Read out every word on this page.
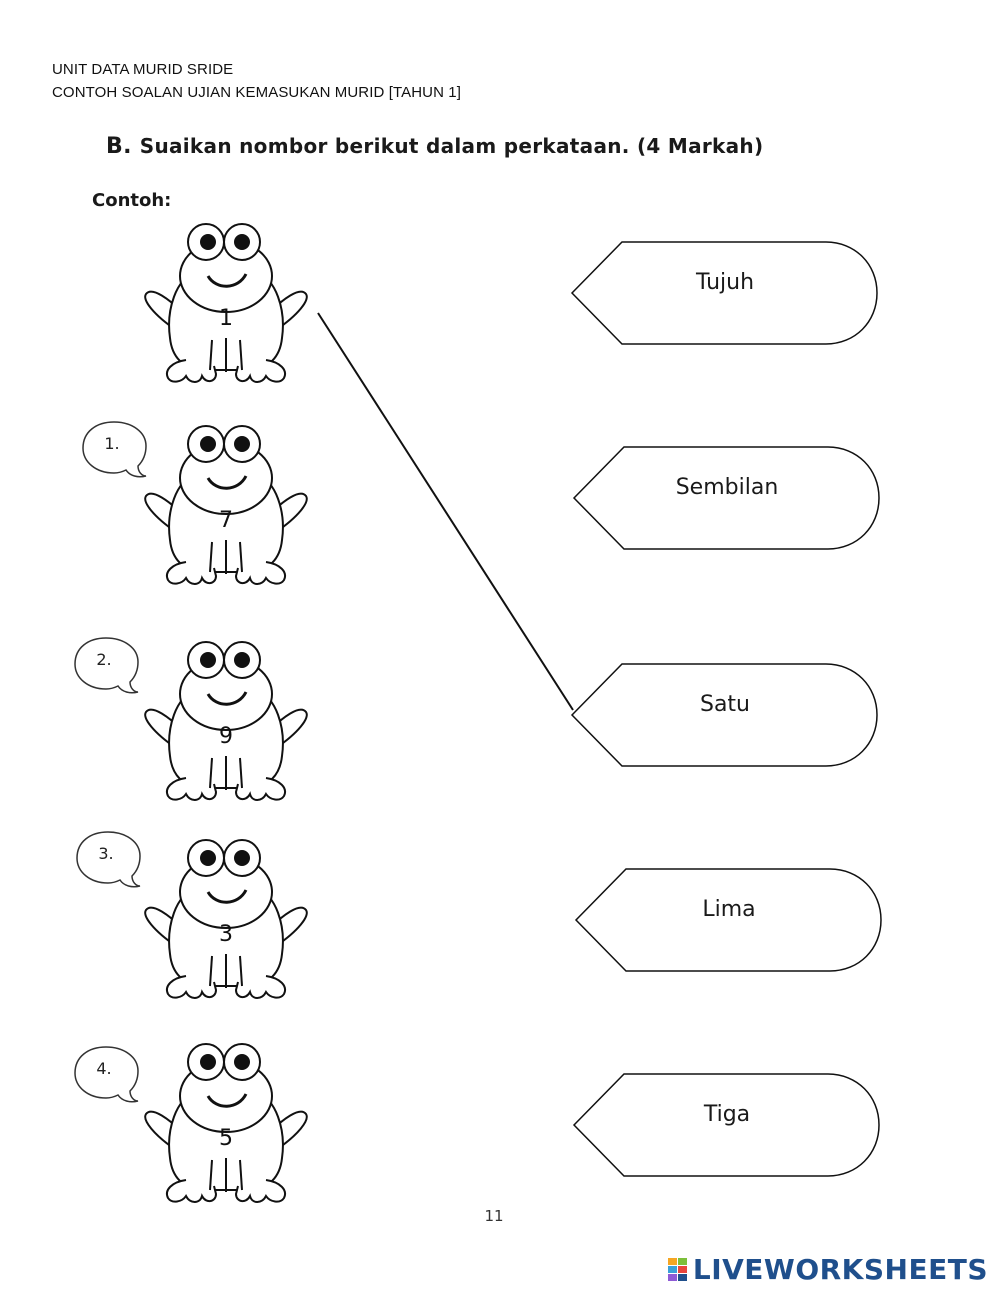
UNIT DATA MURID SRIDE
CONTOH SOALAN UJIAN KEMASUKAN MURID [TAHUN 1]
B. Suaikan nombor berikut dalam perkataan. (4 Markah)
Contoh:
1
7
9
3
5
1.
2.
3.
4.
Tujuh
Sembilan
Satu
Lima
Tiga
11
LIVEWORKSHEETS
